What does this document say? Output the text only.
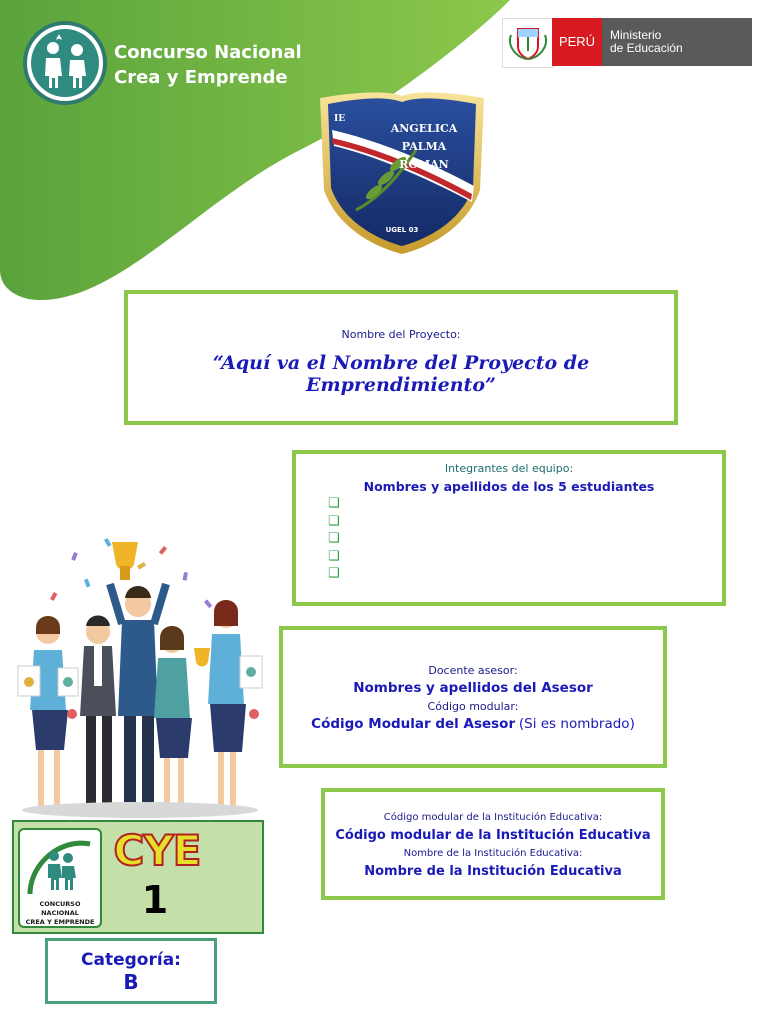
Concurso Nacional
Crea y Emprende
PERÚ	Ministerio
de Educación
IE
ANGELICA
PALMA
ROMAN
UGEL 03
Nombre del Proyecto:
“Aquí va el Nombre del Proyecto de Emprendimiento”
Integrantes del equipo:
Nombres y apellidos de los 5 estudiantes
❑
❑
❑
❑
❑
Docente asesor:
Nombres y apellidos del Asesor
Código modular:
Código Modular del Asesor (Si es nombrado)
Código modular de la Institución Educativa:
Código modular de la Institución Educativa
Nombre de la Institución Educativa:
Nombre de la Institución Educativa
CONCURSO NACIONAL
CREA Y EMPRENDE
CYE
1
Categoría:
B
